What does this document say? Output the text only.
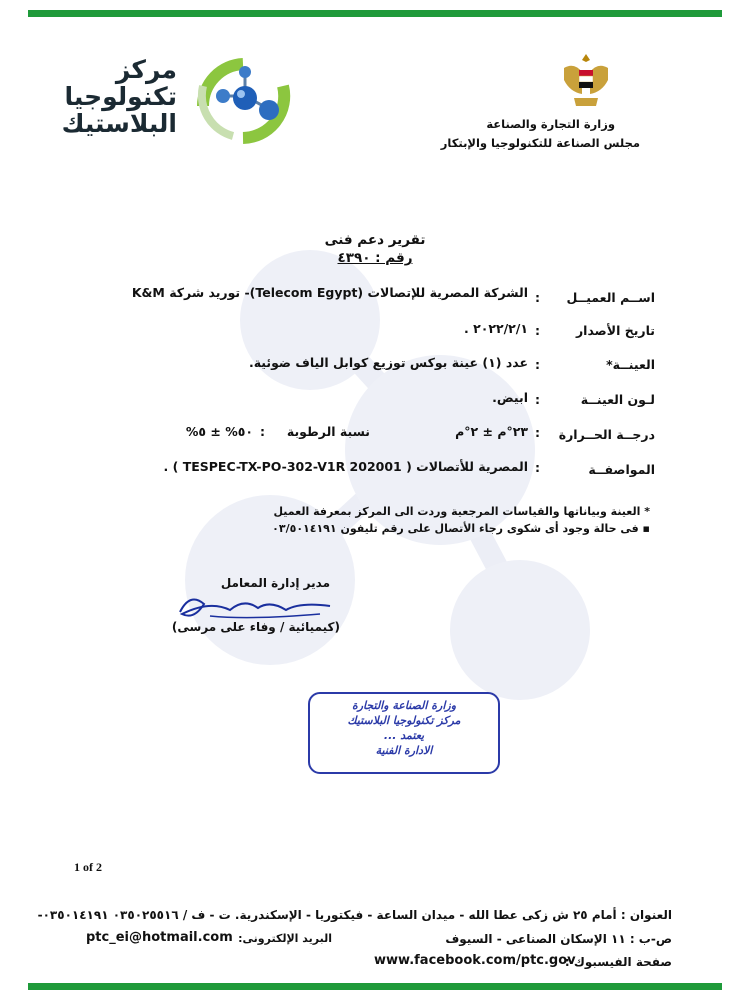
مركز
تكنولوجيا
البلاستيك	وزارة التجارة والصناعة
مجلس الصناعة للتكنولوجيا والإبتكار
تقرير دعم فنى
رقم : ٤٣٩٠
اســم العميــل
:
الشركة المصرية للإتصالات (Telecom Egypt)- توريد شركة K&M
تاريخ الأصدار
:
٢٠٢٢/٢/١ .
العينــة*
:
عدد (١) عينة بوكس توزيع كوابل الياف ضوئية.
لـون العينــة
:
ابيض.
درجــة الحــرارة
:
٢٣°م ± ٢°م
نسبة الرطوبة
:
٥٠% ± ٥%
المواصفــة
:
المصرية للأتصالات ( TESPEC-TX-PO-302-V1R 202001 ) .
* العينة وبياناتها والقياسات المرجعية وردت الى المركز بمعرفة العميل
▪ فى حالة وجود أى شكوى رجاء الأتصال على رقم تليفون ٠٣/٥٠١٤١٩١
مدير إدارة المعامل
(كيميائية / وفاء على مرسى)
وزارة الصناعة والتجارة
مركز تكنولوجيا البلاستيك
يعتمد ...
الادارة الفنية
1 of 2
العنوان : أمام ٢٥ ش زكى عطا الله - ميدان الساعة - فيكتوريا - الإسكندرية. ت - ف / ٠٣٥٠٢٥٥١٦ ٠٣٥٠١٤١٩١-
ص-ب : ١١ الإسكان الصناعى - السيوف
البريد الإلكترونى:
ptc_ei@hotmail.com
صفحة الفيسبوك :
www.facebook.com/ptc.gov
